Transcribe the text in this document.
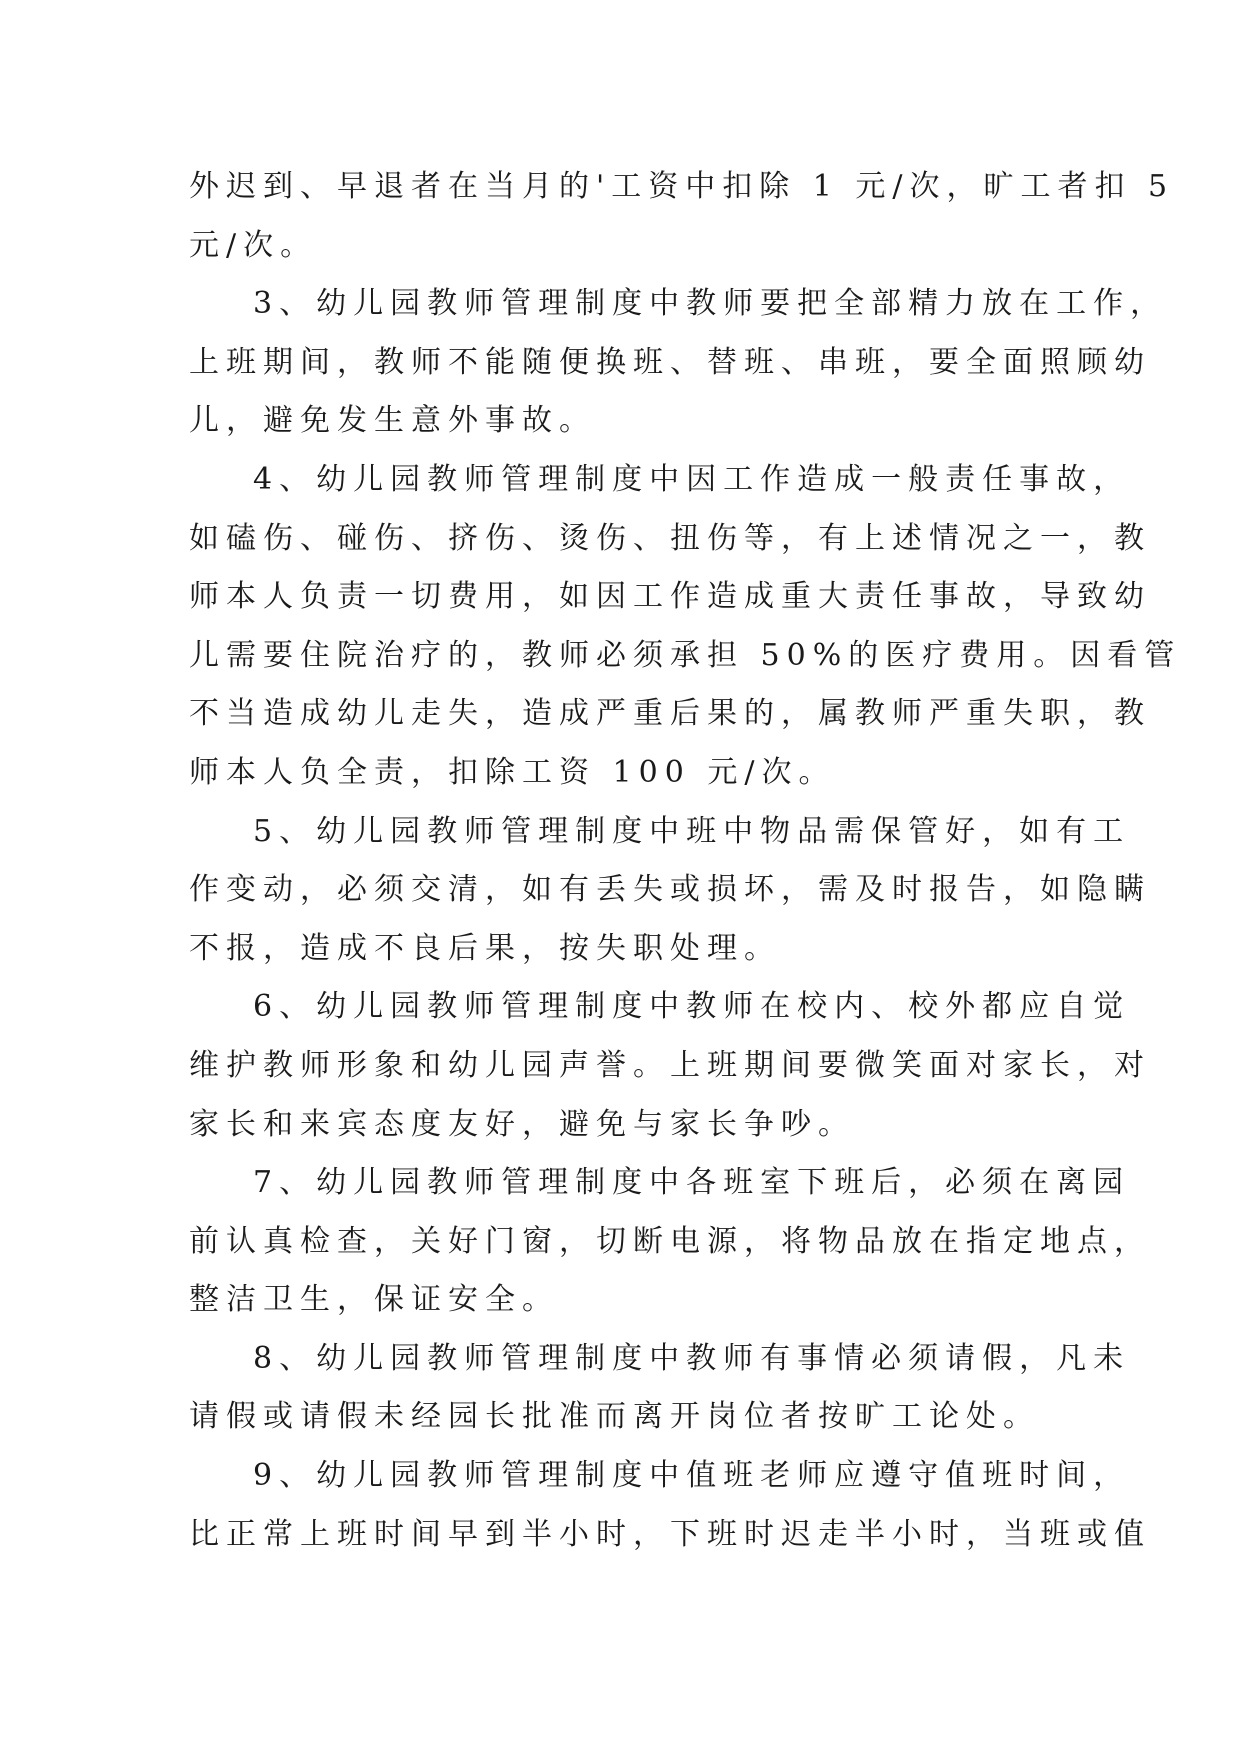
外迟到、早退者在当月的'工资中扣除 1 元/次，旷工者扣 5
元/次。
3、幼儿园教师管理制度中教师要把全部精力放在工作，
上班期间，教师不能随便换班、替班、串班，要全面照顾幼
儿，避免发生意外事故。
4、幼儿园教师管理制度中因工作造成一般责任事故，
如磕伤、碰伤、挤伤、烫伤、扭伤等，有上述情况之一，教
师本人负责一切费用，如因工作造成重大责任事故，导致幼
儿需要住院治疗的，教师必须承担 50%的医疗费用。因看管
不当造成幼儿走失，造成严重后果的，属教师严重失职，教
师本人负全责，扣除工资 100 元/次。
5、幼儿园教师管理制度中班中物品需保管好，如有工
作变动，必须交清，如有丢失或损坏，需及时报告，如隐瞒
不报，造成不良后果，按失职处理。
6、幼儿园教师管理制度中教师在校内、校外都应自觉
维护教师形象和幼儿园声誉。上班期间要微笑面对家长，对
家长和来宾态度友好，避免与家长争吵。
7、幼儿园教师管理制度中各班室下班后，必须在离园
前认真检查，关好门窗，切断电源，将物品放在指定地点，
整洁卫生，保证安全。
8、幼儿园教师管理制度中教师有事情必须请假，凡未
请假或请假未经园长批准而离开岗位者按旷工论处。
9、幼儿园教师管理制度中值班老师应遵守值班时间，
比正常上班时间早到半小时，下班时迟走半小时，当班或值
